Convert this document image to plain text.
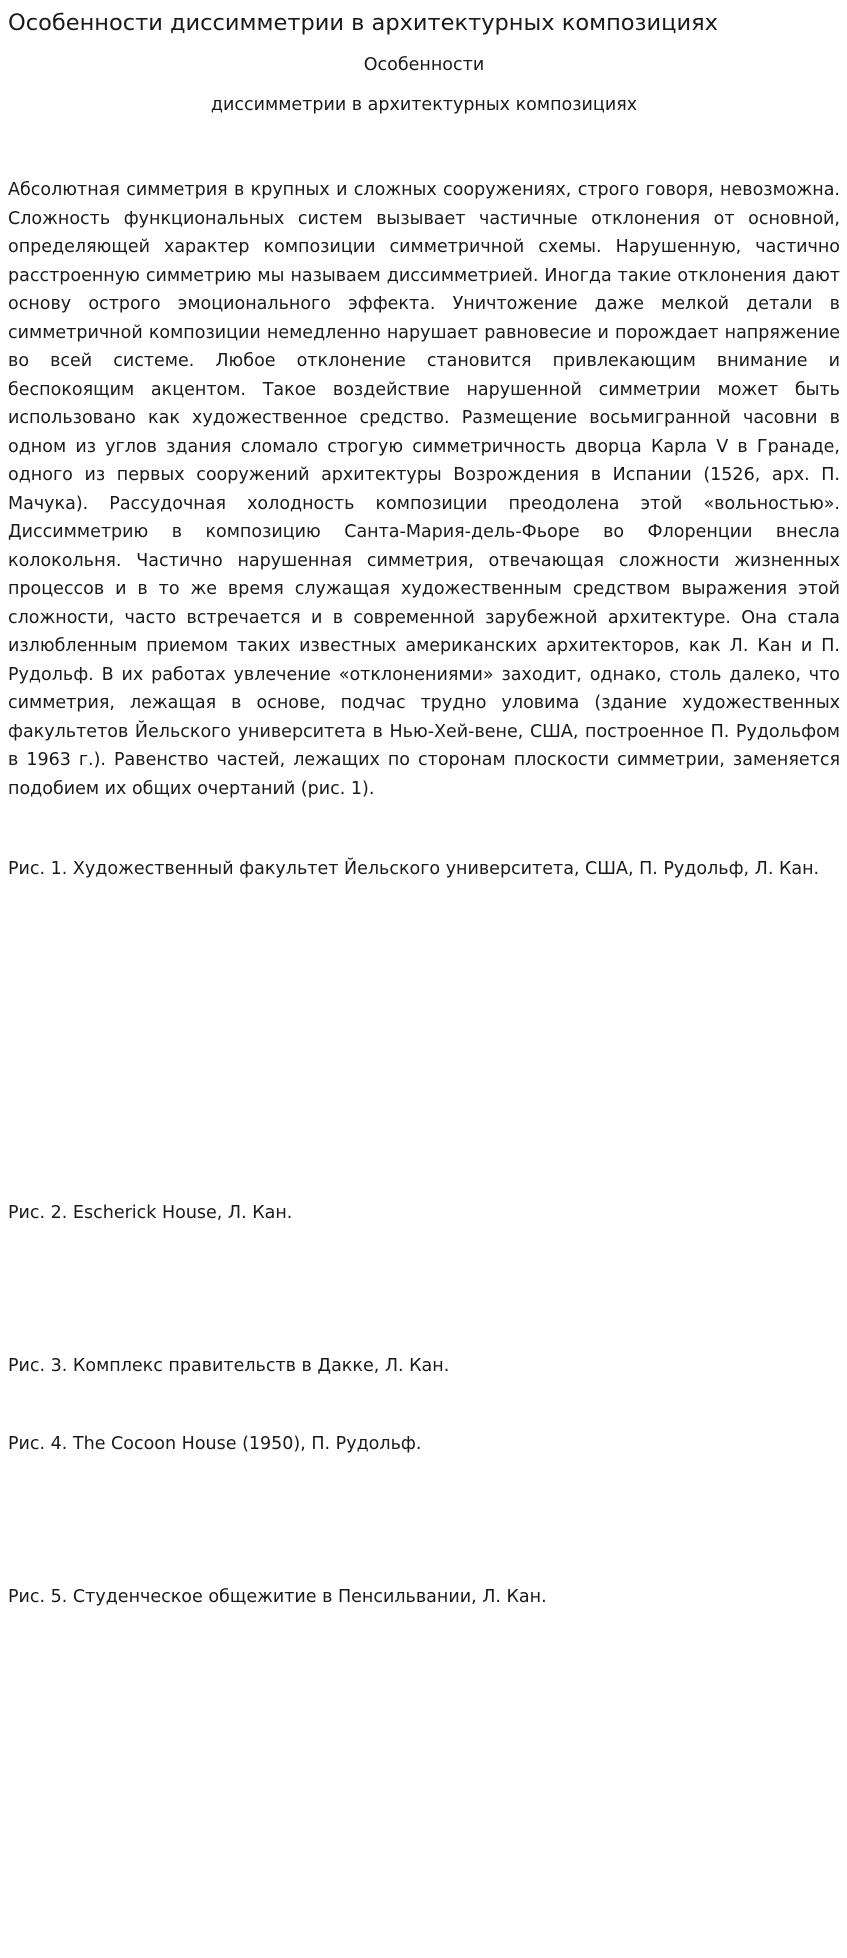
Особенности диссимметрии в архитектурных композициях

Особенности

диссимметрии в архитектурных композициях

Абсолютная симметрия в крупных и сложных сооружениях, строго говоря, невозможна. Сложность функциональных систем вызывает частичные отклонения от основной, определяющей характер композиции симметричной схемы. Нарушенную, частично расстроенную симметрию мы называем диссимметрией. Иногда такие отклонения дают основу острого эмоционального эффекта. Уничтожение даже мелкой детали в симметричной композиции немедленно нарушает равновесие и порождает напряжение во всей системе. Любое отклонение становится привлекающим внимание и беспокоящим акцентом. Такое воздействие нарушенной симметрии может быть использовано как художественное средство. Размещение восьмигранной часовни в одном из углов здания сломало строгую симметричность дворца Карла V в Гранаде, одного из первых сооружений архитектуры Возрождения в Испании (1526, арх. П. Мачука). Рассудочная холодность композиции преодолена этой «вольностью». Диссимметрию в композицию Санта-Мария-дель-Фьоре во Флоренции внесла колокольня. Частично нарушенная симметрия, отвечающая сложности жизненных процессов и в то же время служащая художественным средством выражения этой сложности, часто встречается и в современной зарубежной архитектуре. Она стала излюбленным приемом таких известных американских архитекторов, как Л. Кан и П. Рудольф. В их работах увлечение «отклонениями» заходит, однако, столь далеко, что симметрия, лежащая в основе, подчас трудно уловима (здание художественных факультетов Йельского университета в Нью-Хей-вене, США, построенное П. Рудольфом в 1963 г.). Равенство частей, лежащих по сторонам плоскости симметрии, заменяется подобием их общих очертаний (рис. 1).

Рис. 1. Художественный факультет Йельского университета, США, П. Рудольф, Л. Кан.

Рис. 2. Escherick House, Л. Кан.

Рис. 3. Комплекс правительств в Дакке, Л. Кан.

Рис. 4. The Cocoon House (1950), П. Рудольф.

Рис. 5. Студенческое общежитие в Пенсильвании, Л. Кан.
